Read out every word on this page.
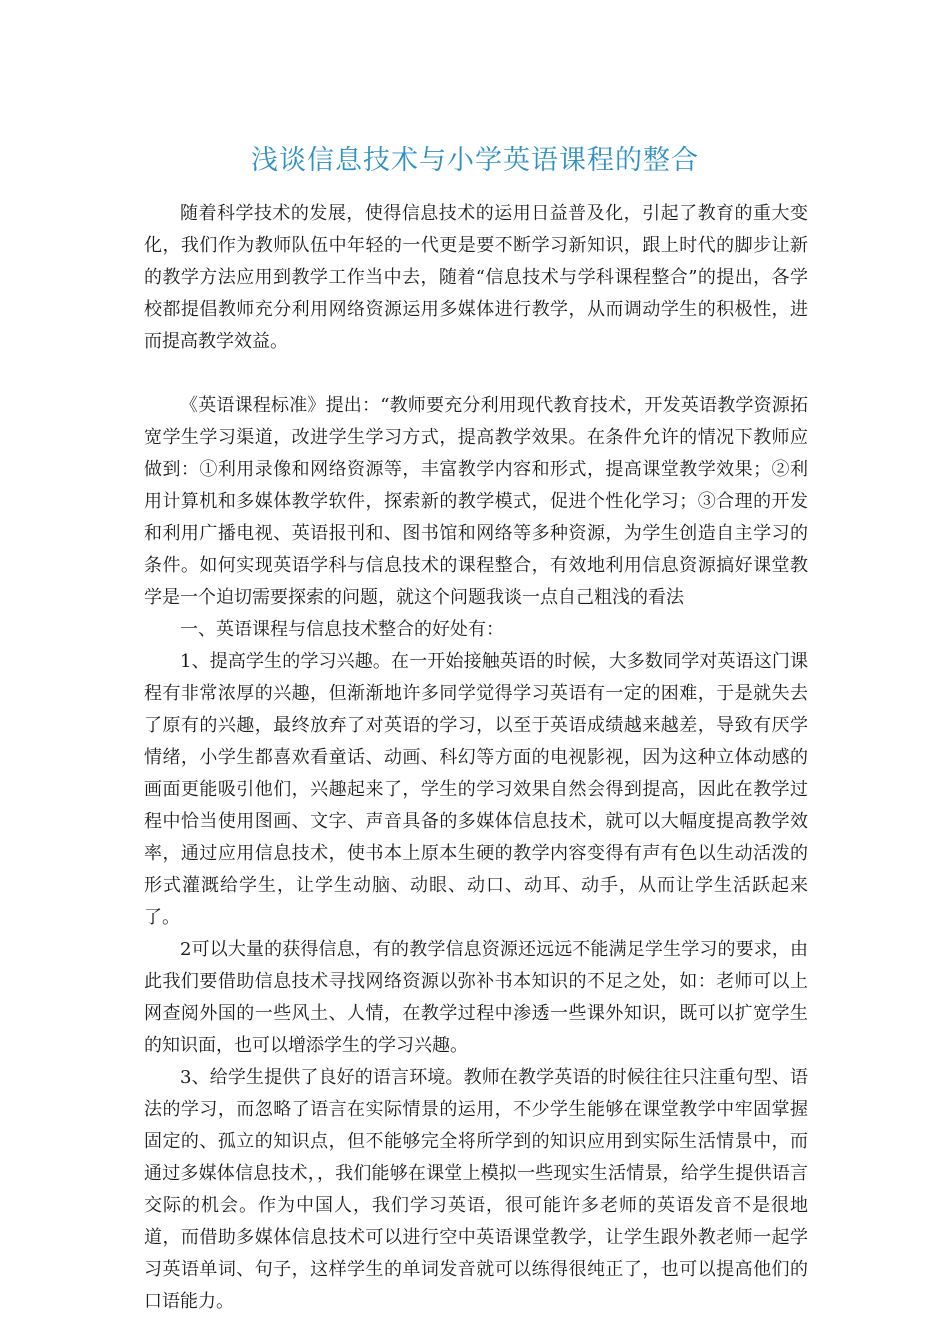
浅谈信息技术与小学英语课程的整合

随着科学技术的发展，使得信息技术的运用日益普及化，引起了教育的重大变化，我们作为教师队伍中年轻的一代更是要不断学习新知识，跟上时代的脚步让新的教学方法应用到教学工作当中去，随着“信息技术与学科课程整合”的提出，各学校都提倡教师充分利用网络资源运用多媒体进行教学，从而调动学生的积极性，进而提高教学效益。

《英语课程标准》提出：“教师要充分利用现代教育技术，开发英语教学资源拓宽学生学习渠道，改进学生学习方式，提高教学效果。在条件允许的情况下教师应做到：①利用录像和网络资源等，丰富教学内容和形式，提高课堂教学效果；②利用计算机和多媒体教学软件，探索新的教学模式，促进个性化学习；③合理的开发和利用广播电视、英语报刊和、图书馆和网络等多种资源，为学生创造自主学习的条件。如何实现英语学科与信息技术的课程整合，有效地利用信息资源搞好课堂教学是一个迫切需要探索的问题，就这个问题我谈一点自己粗浅的看法

一、英语课程与信息技术整合的好处有：

1、提高学生的学习兴趣。在一开始接触英语的时候，大多数同学对英语这门课程有非常浓厚的兴趣，但渐渐地许多同学觉得学习英语有一定的困难，于是就失去了原有的兴趣，最终放弃了对英语的学习，以至于英语成绩越来越差，导致有厌学情绪，小学生都喜欢看童话、动画、科幻等方面的电视影视，因为这种立体动感的画面更能吸引他们，兴趣起来了，学生的学习效果自然会得到提高，因此在教学过程中恰当使用图画、文字、声音具备的多媒体信息技术，就可以大幅度提高教学效率，通过应用信息技术，使书本上原本生硬的教学内容变得有声有色以生动活泼的形式灌溉给学生，让学生动脑、动眼、动口、动耳、动手，从而让学生活跃起来了。

2可以大量的获得信息，有的教学信息资源还远远不能满足学生学习的要求，由此我们要借助信息技术寻找网络资源以弥补书本知识的不足之处，如：老师可以上网查阅外国的一些风土、人情，在教学过程中渗透一些课外知识，既可以扩宽学生的知识面，也可以增添学生的学习兴趣。

3、给学生提供了良好的语言环境。教师在教学英语的时候往往只注重句型、语法的学习，而忽略了语言在实际情景的运用，不少学生能够在课堂教学中牢固掌握固定的、孤立的知识点，但不能够完全将所学到的知识应用到实际生活情景中，而通过多媒体信息技术，，我们能够在课堂上模拟一些现实生活情景，给学生提供语言交际的机会。作为中国人，我们学习英语，很可能许多老师的英语发音不是很地道，而借助多媒体信息技术可以进行空中英语课堂教学，让学生跟外教老师一起学习英语单词、句子，这样学生的单词发音就可以练得很纯正了，也可以提高他们的口语能力。
